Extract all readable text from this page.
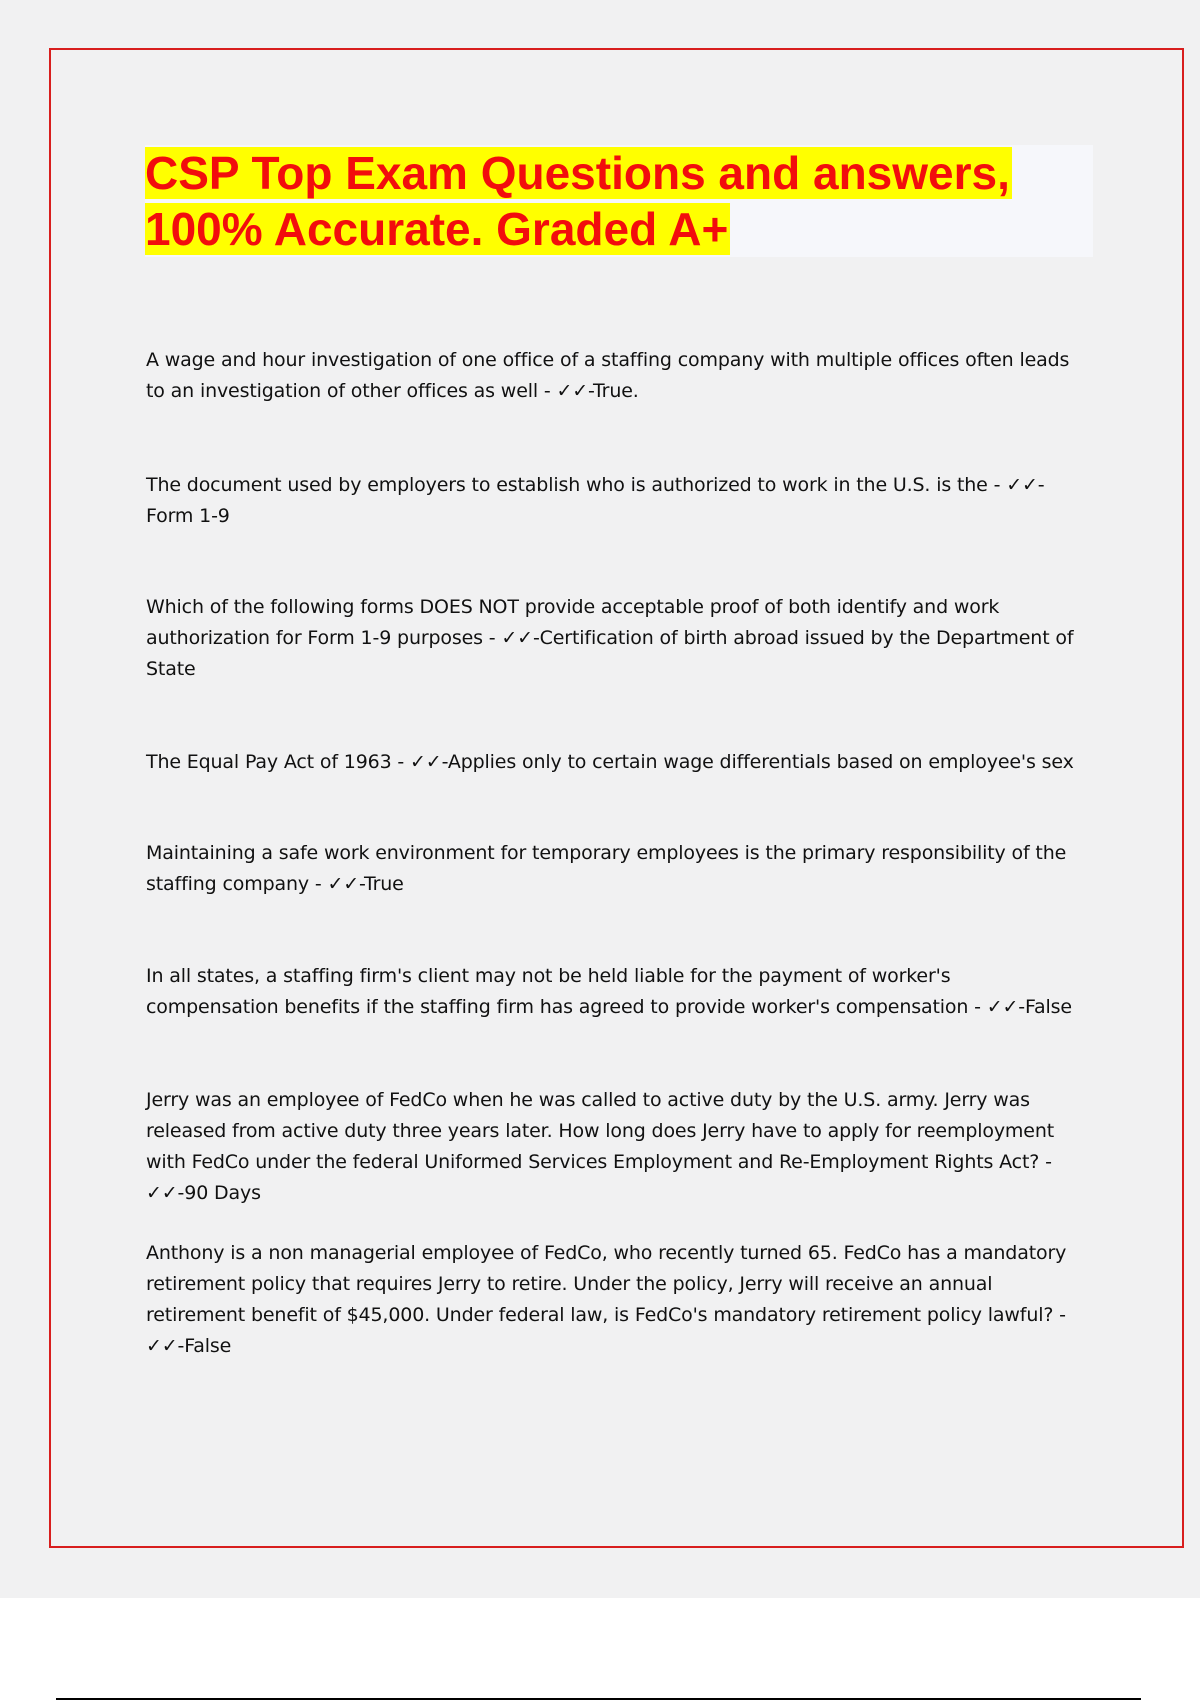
CSP Top Exam Questions and answers,
100% Accurate. Graded A+

A wage and hour investigation of one office of a staffing company with multiple offices often leads to an investigation of other offices as well - ✓✓-True.

The document used by employers to establish who is authorized to work in the U.S. is the - ✓✓-Form 1-9

Which of the following forms DOES NOT provide acceptable proof of both identify and work authorization for Form 1-9 purposes - ✓✓-Certification of birth abroad issued by the Department of State

The Equal Pay Act of 1963 - ✓✓-Applies only to certain wage differentials based on employee's sex

Maintaining a safe work environment for temporary employees is the primary responsibility of the staffing company - ✓✓-True

In all states, a staffing firm's client may not be held liable for the payment of worker's compensation benefits if the staffing firm has agreed to provide worker's compensation - ✓✓-False

Jerry was an employee of FedCo when he was called to active duty by the U.S. army. Jerry was released from active duty three years later. How long does Jerry have to apply for reemployment with FedCo under the federal Uniformed Services Employment and Re-Employment Rights Act? - ✓✓-90 Days

Anthony is a non managerial employee of FedCo, who recently turned 65. FedCo has a mandatory retirement policy that requires Jerry to retire. Under the policy, Jerry will receive an annual retirement benefit of $45,000. Under federal law, is FedCo's mandatory retirement policy lawful? - ✓✓-False
